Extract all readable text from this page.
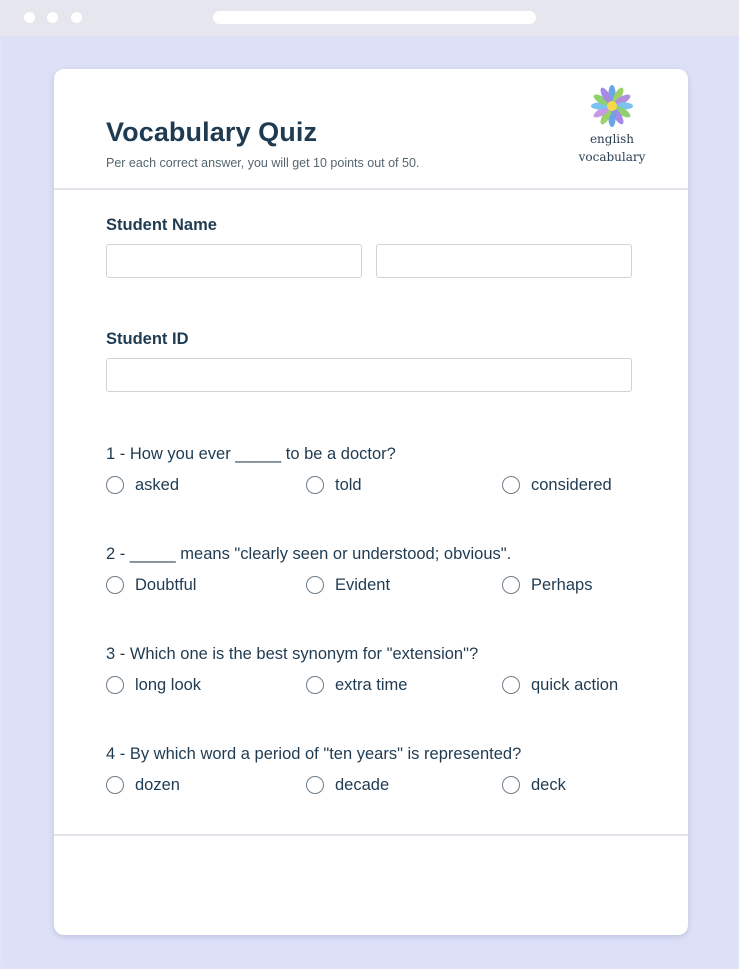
Vocabulary Quiz

Per each correct answer, you will get 10 points out of 50.

english
vocabulary

Student Name

Student ID

1 - How you ever _____ to be a doctor?

asked	told	considered

2 - _____ means "clearly seen or understood; obvious".

Doubtful	Evident	Perhaps

3 - Which one is the best synonym for "extension"?

long look	extra time	quick action

4 - By which word a period of "ten years" is represented?

dozen	decade	deck
